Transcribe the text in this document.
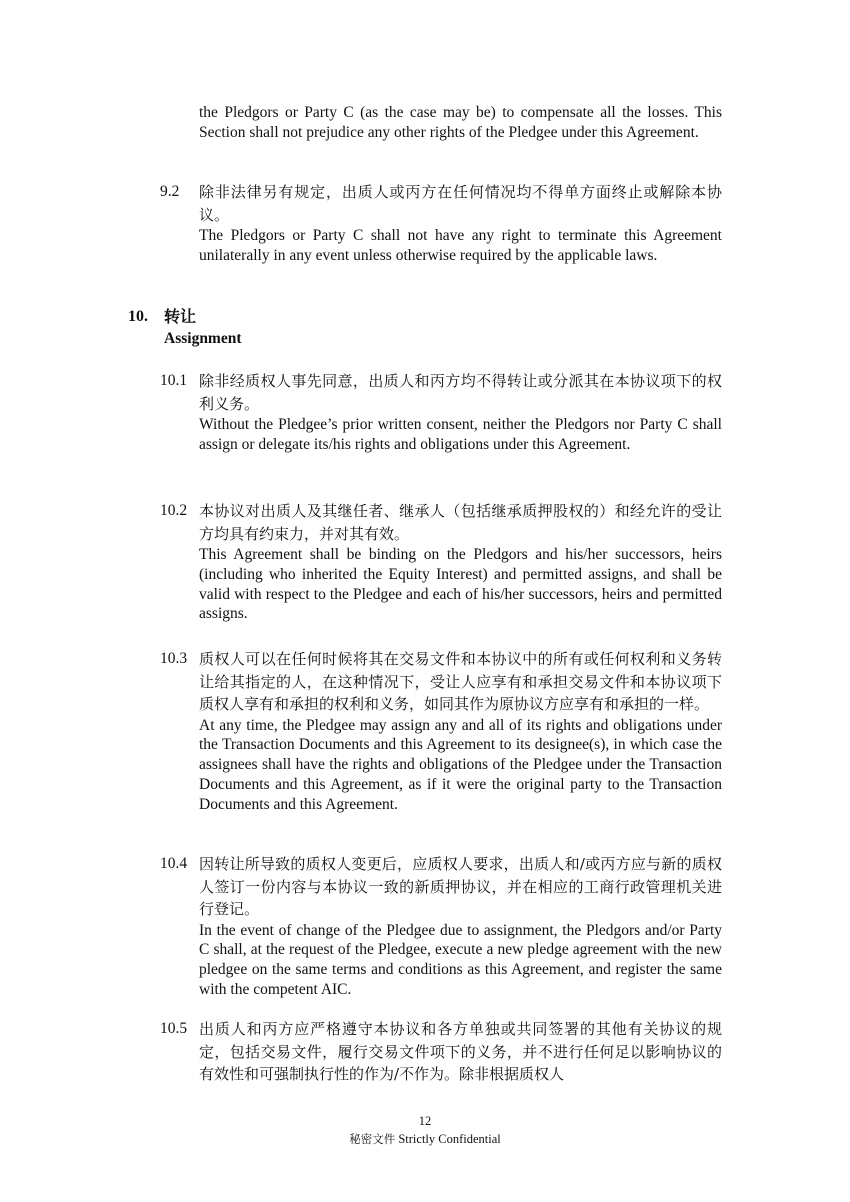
the Pledgors or Party C (as the case may be) to compensate all the losses. This Section shall not prejudice any other rights of the Pledgee under this Agreement.
9.2 除非法律另有规定，出质人或丙方在任何情况均不得单方面终止或解除本协议。
The Pledgors or Party C shall not have any right to terminate this Agreement unilaterally in any event unless otherwise required by the applicable laws.
10. 转让
Assignment
10.1 除非经质权人事先同意，出质人和丙方均不得转让或分派其在本协议项下的权利义务。
Without the Pledgee’s prior written consent, neither the Pledgors nor Party C shall assign or delegate its/his rights and obligations under this Agreement.
10.2 本协议对出质人及其继任者、继承人（包括继承质押股权的）和经允许的受让方均具有约束力，并对其有效。
This Agreement shall be binding on the Pledgors and his/her successors, heirs (including who inherited the Equity Interest) and permitted assigns, and shall be valid with respect to the Pledgee and each of his/her successors, heirs and permitted assigns.
10.3 质权人可以在任何时候将其在交易文件和本协议中的所有或任何权利和义务转让给其指定的人，在这种情况下，受让人应享有和承担交易文件和本协议项下质权人享有和承担的权利和义务，如同其作为原协议方应享有和承担的一样。
At any time, the Pledgee may assign any and all of its rights and obligations under the Transaction Documents and this Agreement to its designee(s), in which case the assignees shall have the rights and obligations of the Pledgee under the Transaction Documents and this Agreement, as if it were the original party to the Transaction Documents and this Agreement.
10.4 因转让所导致的质权人变更后，应质权人要求，出质人和/或丙方应与新的质权人签订一份内容与本协议一致的新质押协议，并在相应的工商行政管理机关进行登记。
In the event of change of the Pledgee due to assignment, the Pledgors and/or Party C shall, at the request of the Pledgee, execute a new pledge agreement with the new pledgee on the same terms and conditions as this Agreement, and register the same with the competent AIC.
10.5 出质人和丙方应严格遵守本协议和各方单独或共同签署的其他有关协议的规定，包括交易文件，履行交易文件项下的义务，并不进行任何足以影响协议的有效性和可强制执行性的作为/不作为。除非根据质权人
12
秘密文件 Strictly Confidential
